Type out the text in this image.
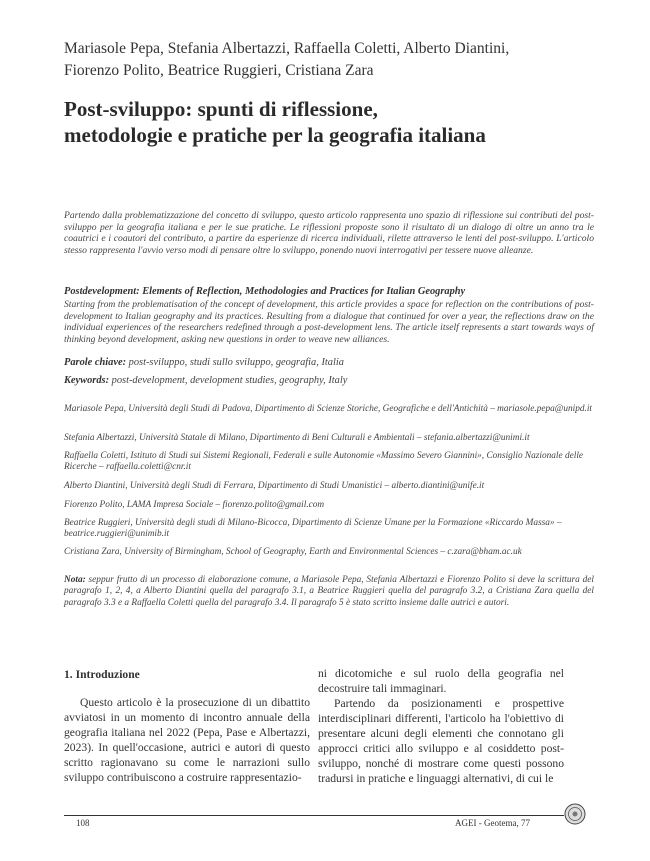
Mariasole Pepa, Stefania Albertazzi, Raffaella Coletti, Alberto Diantini,
Fiorenzo Polito, Beatrice Ruggieri, Cristiana Zara
Post-sviluppo: spunti di riflessione,
metodologie e pratiche per la geografia italiana
Partendo dalla problematizzazione del concetto di sviluppo, questo articolo rappresenta uno spazio di riflessione sui contributi del post-sviluppo per la geografia italiana e per le sue pratiche. Le riflessioni proposte sono il risultato di un dialogo di oltre un anno tra le coautrici e i coautori del contributo, a partire da esperienze di ricerca individuali, rilette attraverso le lenti del post-sviluppo. L'articolo stesso rappresenta l'avvio verso modi di pensare oltre lo sviluppo, ponendo nuovi interrogativi per tessere nuove alleanze.
Postdevelopment: Elements of Reflection, Methodologies and Practices for Italian Geography
Starting from the problematisation of the concept of development, this article provides a space for reflection on the contributions of post-development to Italian geography and its practices. Resulting from a dialogue that continued for over a year, the reflections draw on the individual experiences of the researchers redefined through a post-development lens. The article itself represents a start towards ways of thinking beyond development, asking new questions in order to weave new alliances.
Parole chiave: post-sviluppo, studi sullo sviluppo, geografia, Italia
Keywords: post-development, development studies, geography, Italy
Mariasole Pepa, Università degli Studi di Padova, Dipartimento di Scienze Storiche, Geografiche e dell'Antichità – mariasole.pepa@unipd.it
Stefania Albertazzi, Università Statale di Milano, Dipartimento di Beni Culturali e Ambientali – stefania.albertazzi@unimi.it
Raffaella Coletti, Istituto di Studi sui Sistemi Regionali, Federali e sulle Autonomie «Massimo Severo Giannini», Consiglio Nazionale delle Ricerche – raffaella.coletti@cnr.it
Alberto Diantini, Università degli Studi di Ferrara, Dipartimento di Studi Umanistici – alberto.diantini@unife.it
Fiorenzo Polito, LAMA Impresa Sociale – fiorenzo.polito@gmail.com
Beatrice Ruggieri, Università degli studi di Milano-Bicocca, Dipartimento di Scienze Umane per la Formazione «Riccardo Massa» – beatrice.ruggieri@unimib.it
Cristiana Zara, University of Birmingham, School of Geography, Earth and Environmental Sciences – c.zara@bham.ac.uk
Nota: seppur frutto di un processo di elaborazione comune, a Mariasole Pepa, Stefania Albertazzi e Fiorenzo Polito si deve la scrittura del paragrafo 1, 2, 4, a Alberto Diantini quella del paragrafo 3.1, a Beatrice Ruggieri quella del paragrafo 3.2, a Cristiana Zara quella del paragrafo 3.3 e a Raffaella Coletti quella del paragrafo 3.4. Il paragrafo 5 è stato scritto insieme dalle autrici e autori.
1. Introduzione

Questo articolo è la prosecuzione di un dibattito avviatosi in un momento di incontro annuale della geografia italiana nel 2022 (Pepa, Pase e Albertazzi, 2023). In quell'occasione, autrici e autori di questo scritto ragionavano su come le narrazioni sullo sviluppo contribuiscono a costruire rappresentazio-

ni dicotomiche e sul ruolo della geografia nel decostruire tali immaginari.

Partendo da posizionamenti e prospettive interdisciplinari differenti, l'articolo ha l'obiettivo di presentare alcuni degli elementi che connotano gli approcci critici allo sviluppo e al cosiddetto post-sviluppo, nonché di mostrare come questi possono tradursi in pratiche e linguaggi alternativi, di cui le

108	AGEI - Geotema, 77
